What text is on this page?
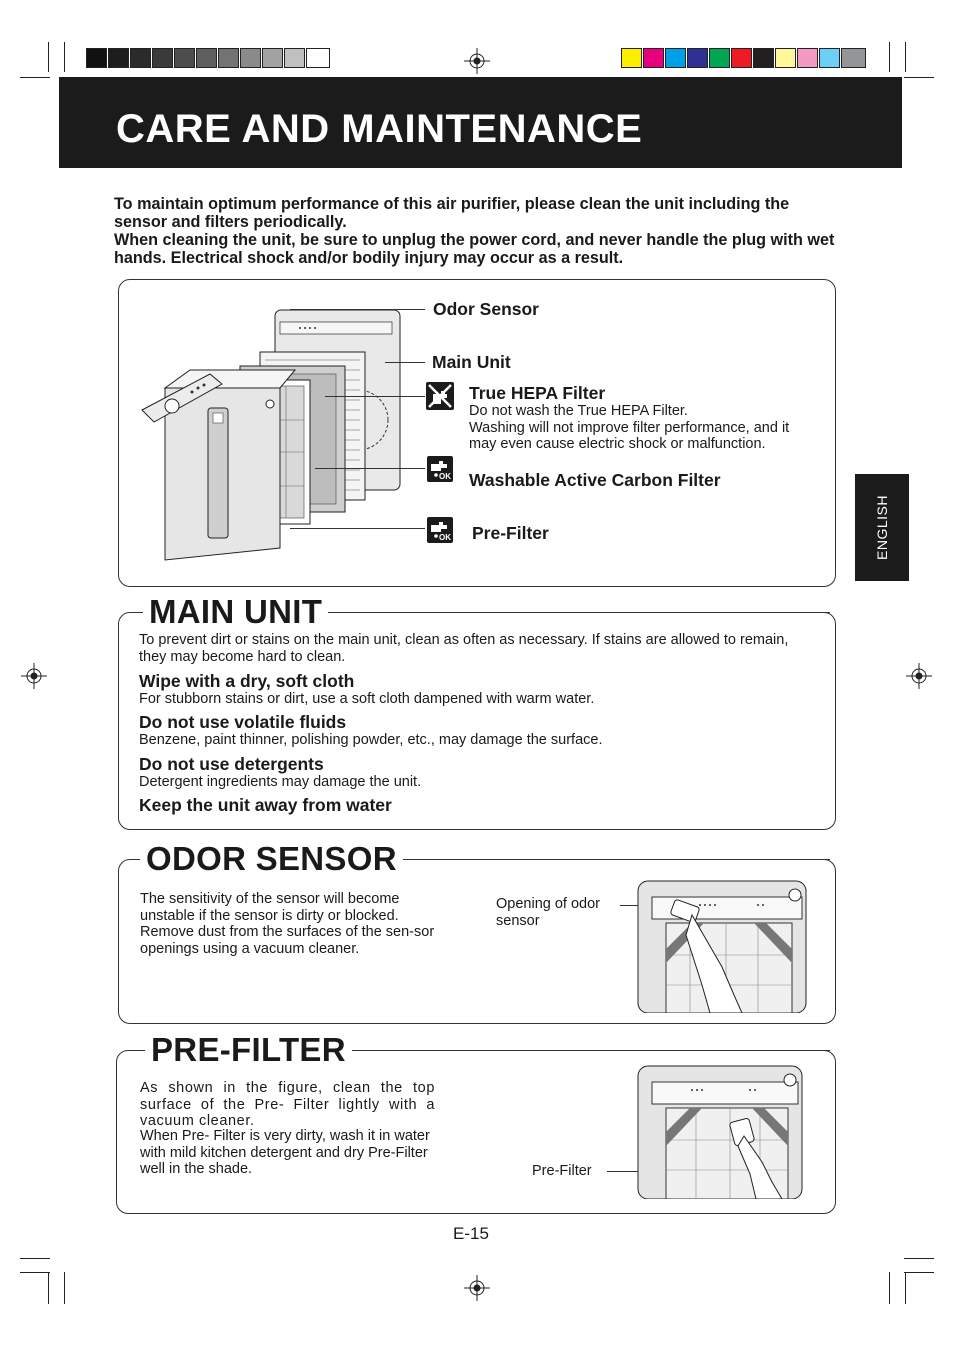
CARE AND MAINTENANCE
To maintain optimum performance of this air purifier, please clean the unit including the sensor and filters periodically.
When cleaning the unit, be sure to unplug the power cord, and never handle the plug with wet hands. Electrical shock and/or bodily injury may occur as a result.
Odor Sensor
Main Unit
True HEPA Filter
Do not wash the True HEPA Filter.
Washing will not improve filter performance, and it may even cause electric shock or malfunction.
OK Washable Active Carbon Filter
OK Pre-Filter	ENGLISH
MAIN UNIT
To prevent dirt or stains on the main unit, clean as often as necessary. If stains are allowed to remain, they may become hard to clean.
Wipe with a dry, soft cloth
For stubborn stains or dirt, use a soft cloth dampened with warm water.
Do not use volatile fluids
Benzene, paint thinner, polishing powder, etc., may damage the surface.
Do not use detergents
Detergent ingredients may damage the unit.
Keep the unit away from water
ODOR SENSOR
The sensitivity of the sensor will become unstable if the sensor is dirty or blocked. Remove dust from the surfaces of the sen-sor openings using a vacuum cleaner.
Opening of odor sensor
PRE-FILTER
As shown in the figure, clean the top surface of the Pre- Filter lightly with a vacuum cleaner.
When Pre- Filter is very dirty, wash it in water with mild kitchen detergent and dry Pre-Filter well in the shade.	Pre-Filter
E-15
